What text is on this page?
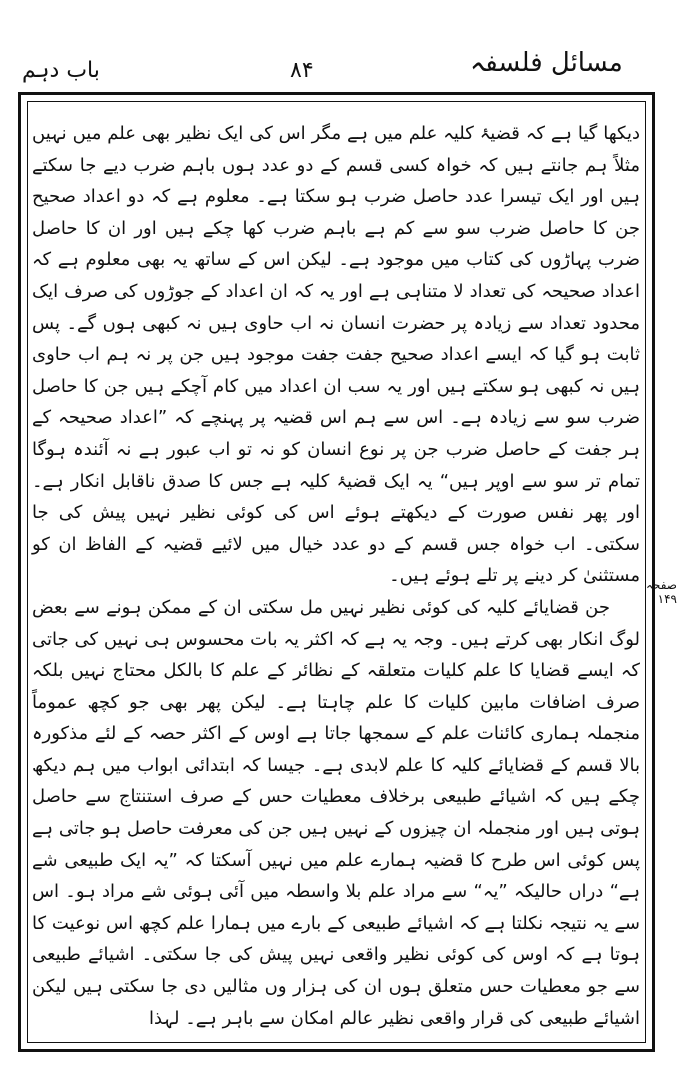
باب دہم	۸۴	مسائل فلسفہ
صفحہ ۱۴۹

دیکھا گیا ہے کہ قضیۂ کلیہ علم میں ہے مگر اس کی ایک نظیر بھی علم میں نہیں مثلاً ہم جانتے ہیں کہ خواہ کسی قسم کے دو عدد ہوں باہم ضرب دیے جا سکتے ہیں اور ایک تیسرا عدد حاصل ضرب ہو سکتا ہے۔ معلوم ہے کہ دو اعداد صحیح جن کا حاصل ضرب سو سے کم ہے باہم ضرب کھا چکے ہیں اور ان کا حاصل ضرب پہاڑوں کی کتاب میں موجود ہے۔ لیکن اس کے ساتھ یہ بھی معلوم ہے کہ اعداد صحیحہ کی تعداد لا متناہی ہے اور یہ کہ ان اعداد کے جوڑوں کی صرف ایک محدود تعداد سے زیادہ پر حضرت انسان نہ اب حاوی ہیں نہ کبھی ہوں گے۔ پس ثابت ہو گیا کہ ایسے اعداد صحیح جفت جفت موجود ہیں جن پر نہ ہم اب حاوی ہیں نہ کبھی ہو سکتے ہیں اور یہ سب ان اعداد میں کام آچکے ہیں جن کا حاصل ضرب سو سے زیادہ ہے۔ اس سے ہم اس قضیہ پر پہنچے کہ ”اعداد صحیحہ کے ہر جفت کے حاصل ضرب جن پر نوع انسان کو نہ تو اب عبور ہے نہ آئندہ ہوگا تمام تر سو سے اوپر ہیں“ یہ ایک قضیۂ کلیہ ہے جس کا صدق ناقابل انکار ہے۔ اور پھر نفس صورت کے دیکھتے ہوئے اس کی کوئی نظیر نہیں پیش کی جا سکتی۔ اب خواہ جس قسم کے دو عدد خیال میں لائیے قضیہ کے الفاظ ان کو مستثنیٰ کر دینے پر تلے ہوئے ہیں۔

جن قضایائے کلیہ کی کوئی نظیر نہیں مل سکتی ان کے ممکن ہونے سے بعض لوگ انکار بھی کرتے ہیں۔ وجہ یہ ہے کہ اکثر یہ بات محسوس ہی نہیں کی جاتی کہ ایسے قضایا کا علم کلیات متعلقہ کے نظائر کے علم کا بالکل محتاج نہیں بلکہ صرف اضافات مابین کلیات کا علم چاہتا ہے۔ لیکن پھر بھی جو کچھ عموماً منجملہ ہماری کائنات علم کے سمجھا جاتا ہے اوس کے اکثر حصہ کے لئے مذکورہ بالا قسم کے قضایائے کلیہ کا علم لابدی ہے۔ جیسا کہ ابتدائی ابواب میں ہم دیکھ چکے ہیں کہ اشیائے طبیعی برخلاف معطیات حس کے صرف استنتاج سے حاصل ہوتی ہیں اور منجملہ ان چیزوں کے نہیں ہیں جن کی معرفت حاصل ہو جاتی ہے پس کوئی اس طرح کا قضیہ ہمارے علم میں نہیں آسکتا کہ ”یہ ایک طبیعی شے ہے“ دراں حالیکہ ”یہ“ سے مراد علم بلا واسطہ میں آئی ہوئی شے مراد ہو۔ اس سے یہ نتیجہ نکلتا ہے کہ اشیائے طبیعی کے بارے میں ہمارا علم کچھ اس نوعیت کا ہوتا ہے کہ اوس کی کوئی نظیر واقعی نہیں پیش کی جا سکتی۔ اشیائے طبیعی سے جو معطیات حس متعلق ہوں ان کی ہزار وں مثالیں دی جا سکتی ہیں لیکن اشیائے طبیعی کی قرار واقعی نظیر عالم امکان سے باہر ہے۔ لہذا
